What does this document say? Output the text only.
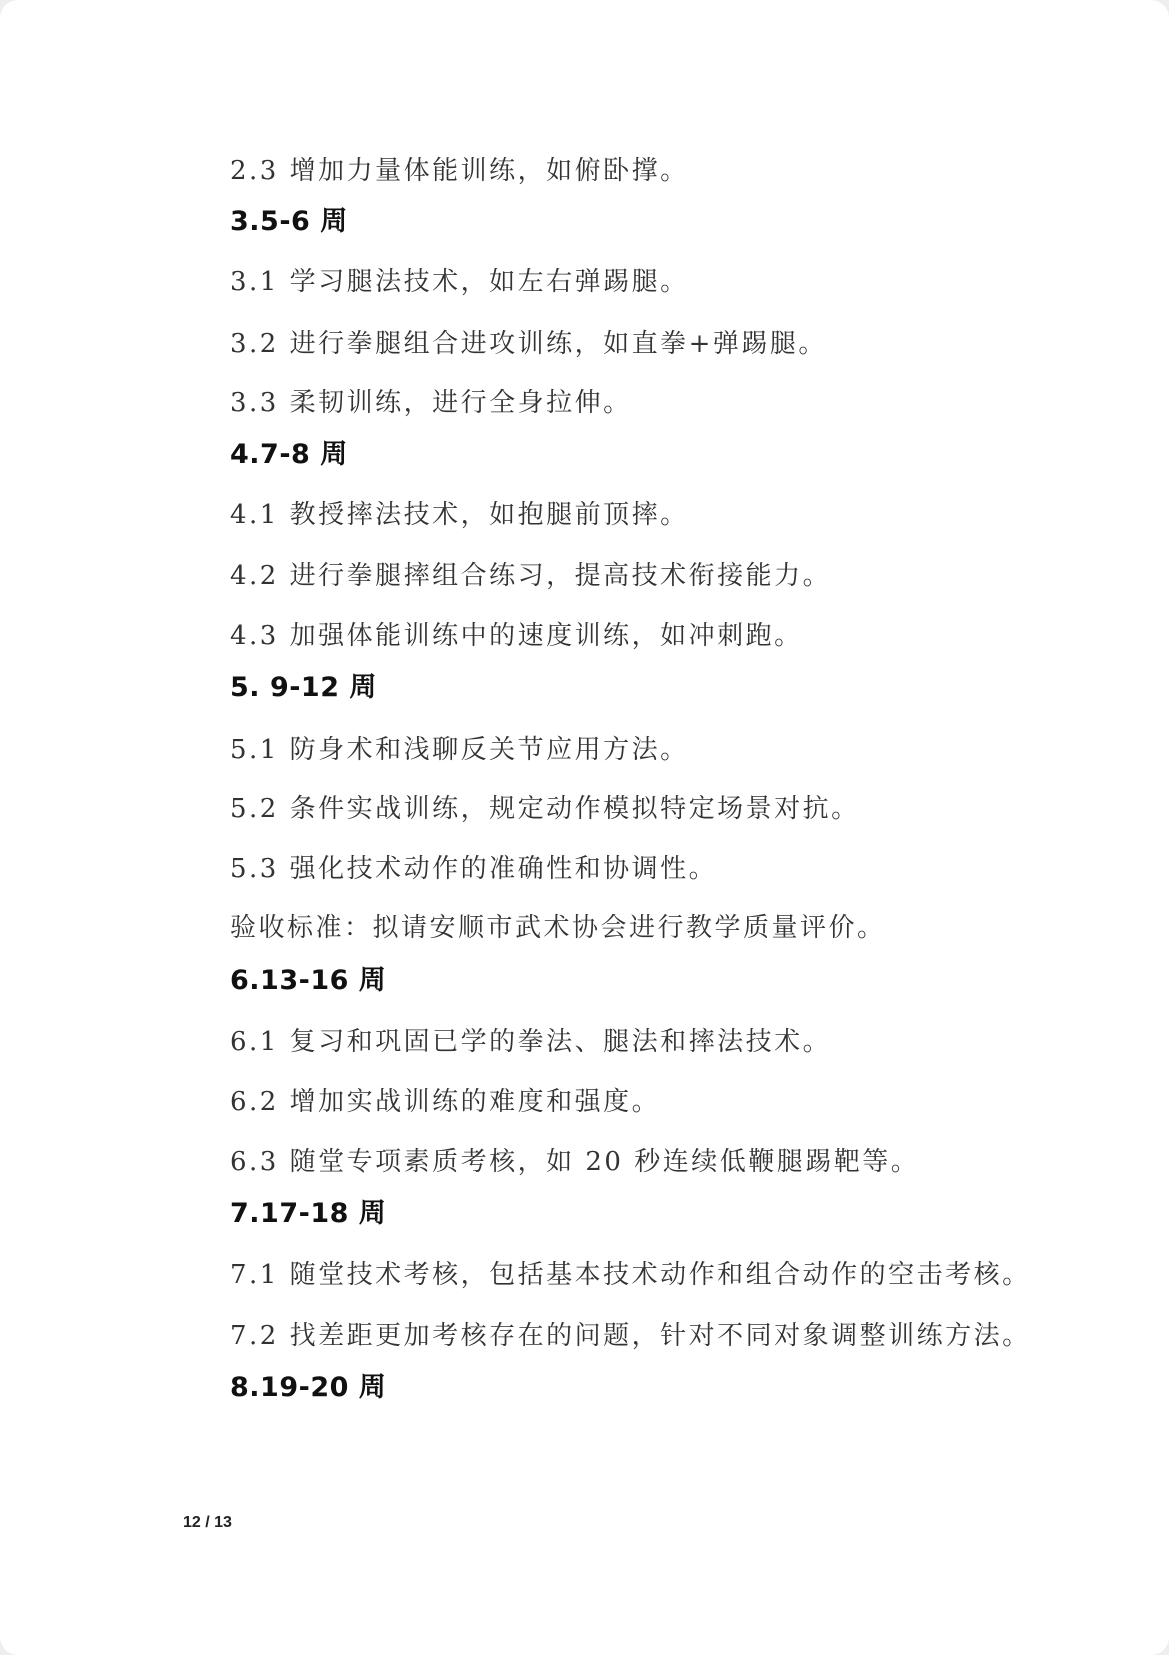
2.3 增加力量体能训练，如俯卧撑。
3.5-6 周
3.1 学习腿法技术，如左右弹踢腿。
3.2 进行拳腿组合进攻训练，如直拳+弹踢腿。
3.3 柔韧训练，进行全身拉伸。
4.7-8 周
4.1 教授摔法技术，如抱腿前顶摔。
4.2 进行拳腿摔组合练习，提高技术衔接能力。
4.3 加强体能训练中的速度训练，如冲刺跑。
5. 9-12 周
5.1 防身术和浅聊反关节应用方法。
5.2 条件实战训练，规定动作模拟特定场景对抗。
5.3 强化技术动作的准确性和协调性。
验收标准：拟请安顺市武术协会进行教学质量评价。
6.13-16 周
6.1 复习和巩固已学的拳法、腿法和摔法技术。
6.2 增加实战训练的难度和强度。
6.3 随堂专项素质考核，如 20 秒连续低鞭腿踢靶等。
7.17-18 周
7.1 随堂技术考核，包括基本技术动作和组合动作的空击考核。
7.2 找差距更加考核存在的问题，针对不同对象调整训练方法。
8.19-20 周
12 / 13
